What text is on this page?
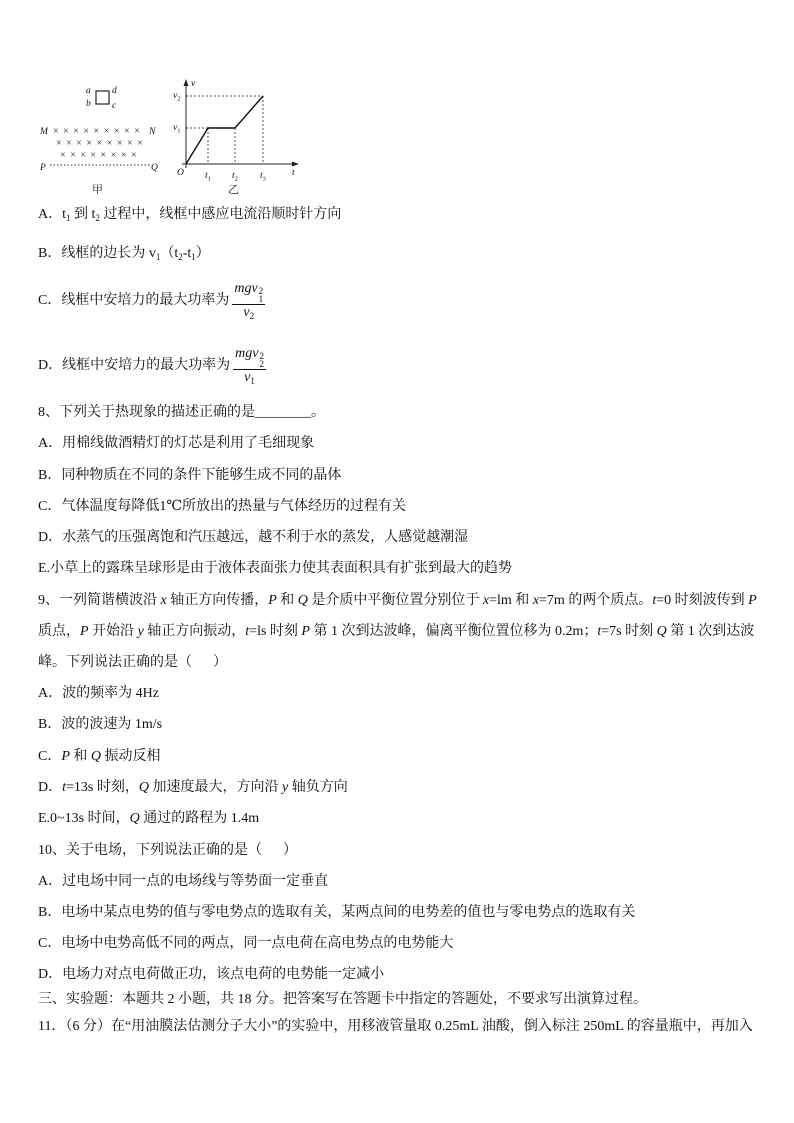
a d
b c
M ××××××××× N
×××××××××
××××××××
P	Q
甲
v
t
O
$v_2$
$v_1$
$t_1$ $t_2$ $t_3$
乙
A．$t_1$ 到 $t_2$ 过程中，线框中感应电流沿顺时针方向
B．线框的边长为 $v_1(t_2-t_1)$
C． 线框中安培力的最大功率为 mgv 2
1
$v_2$
D． 线框中安培力的最大功率为 mgv 2
2
$v_1$
8、下列关于热现象的描述正确的是________。
A．用棉线做酒精灯的灯芯是利用了毛细现象
B．同种物质在不同的条件下能够生成不同的晶体
C．气体温度每降低1℃所放出的热量与气体经历的过程有关
D．水蒸气的压强离饱和汽压越远，越不利于水的蒸发，人感觉越潮湿
E.小草上的露珠呈球形是由于液体表面张力使其表面积具有扩张到最大的趋势
9、一列简谐横波沿 x 轴正方向传播，P 和 Q 是介质中平衡位置分别位于 x=lm 和 x=7m 的两个质点。t=0 时刻波传到 P
质点，P 开始沿 y 轴正方向振动，t=ls 时刻 P 第 1 次到达波峰，偏离平衡位置位移为 0.2m；t=7s 时刻 Q 第 1 次到达波
峰。下列说法正确的是（      ）
A．波的频率为 4Hz
B．波的波速为 1m/s
C．P 和 Q 振动反相
D．t=13s 时刻，Q 加速度最大，方向沿 y 轴负方向
E.0~13s 时间，Q 通过的路程为 1.4m
10、关于电场，下列说法正确的是（      ）
A．过电场中同一点的电场线与等势面一定垂直
B．电场中某点电势的值与零电势点的选取有关，某两点间的电势差的值也与零电势点的选取有关
C．电场中电势高低不同的两点，同一点电荷在高电势点的电势能大
D．电场力对点电荷做正功，该点电荷的电势能一定减小
三、实验题：本题共 2 小题，共 18 分。把答案写在答题卡中指定的答题处，不要求写出演算过程。
11．（6 分）在“用油膜法估测分子大小”的实验中，用移液管量取 0.25mL 油酸，倒入标注 250mL 的容量瓶中，再加入
